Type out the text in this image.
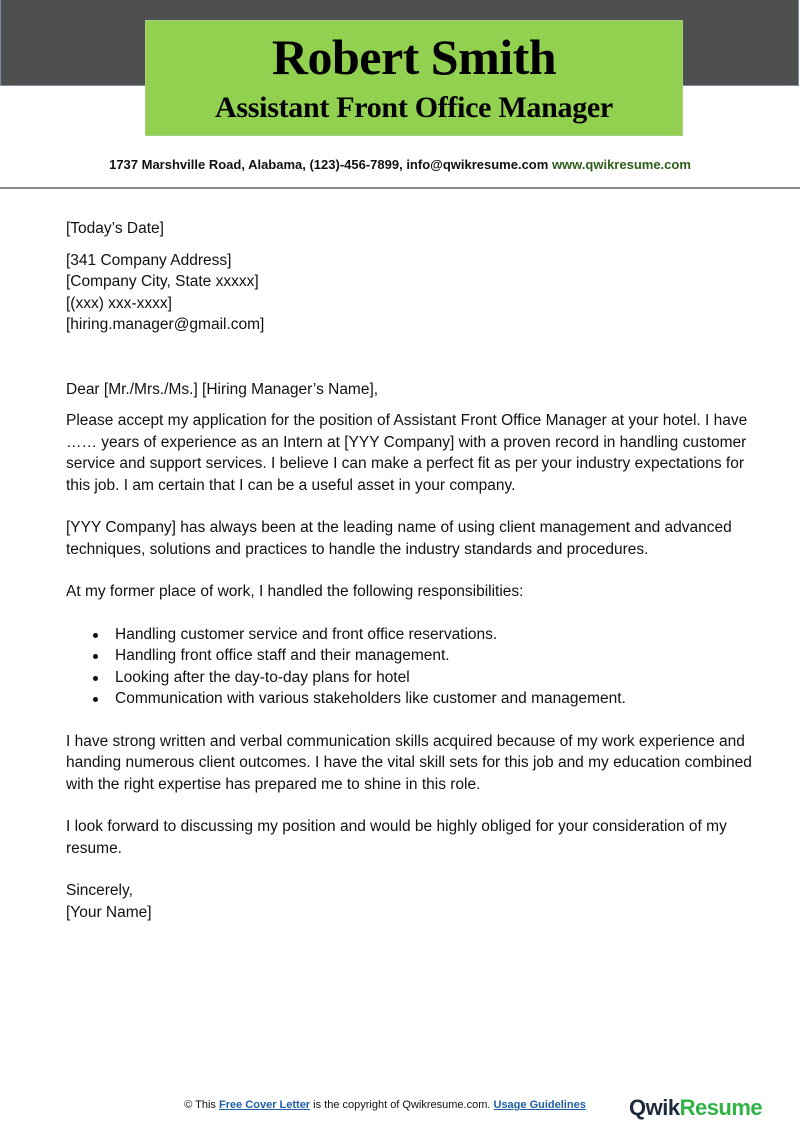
Robert Smith
Assistant Front Office Manager
1737 Marshville Road, Alabama, (123)-456-7899, info@qwikresume.com www.qwikresume.com

[Today’s Date]

[341 Company Address]

[Company City, State xxxxx]

[(xxx) xxx-xxxx]

[hiring.manager@gmail.com]

Dear [Mr./Mrs./Ms.] [Hiring Manager’s Name],

Please accept my application for the position of Assistant Front Office Manager at your hotel. I have …… years of experience as an Intern at [YYY Company] with a proven record in handling customer service and support services. I believe I can make a perfect fit as per your industry expectations for this job. I am certain that I can be a useful asset in your company.

[YYY Company] has always been at the leading name of using client management and advanced techniques, solutions and practices to handle the industry standards and procedures.

At my former place of work, I handled the following responsibilities:

Handling customer service and front office reservations.
Handling front office staff and their management.
Looking after the day-to-day plans for hotel
Communication with various stakeholders like customer and management.

I have strong written and verbal communication skills acquired because of my work experience and handing numerous client outcomes. I have the vital skill sets for this job and my education combined with the right expertise has prepared me to shine in this role.

I look forward to discussing my position and would be highly obliged for your consideration of my resume.

Sincerely,

[Your Name]

© This Free Cover Letter is the copyright of Qwikresume.com. Usage Guidelines	QwikResume
